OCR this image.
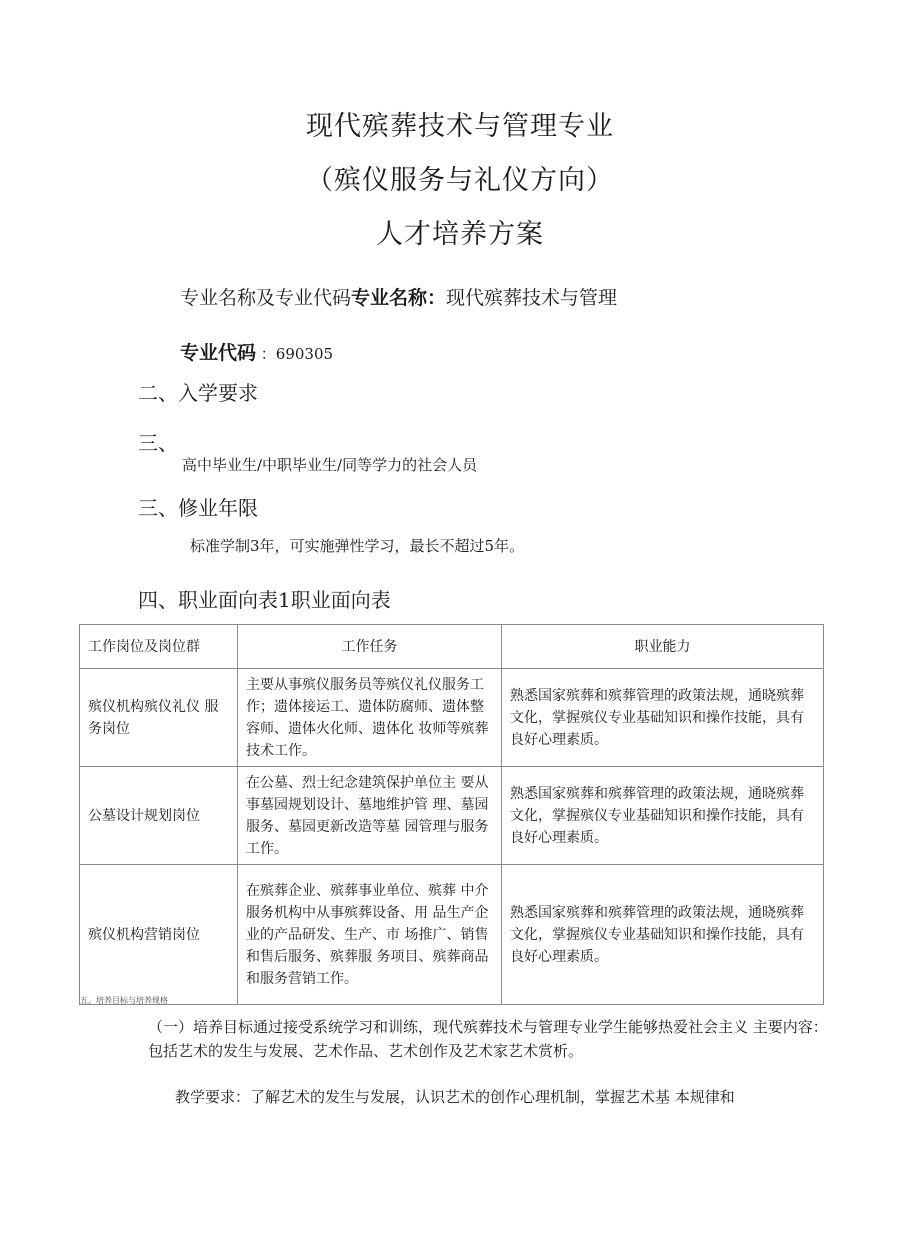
现代殡葬技术与管理专业
（殡仪服务与礼仪方向）
人才培养方案
专业名称及专业代码专业名称：现代殡葬技术与管理
专业代码 ：690305
二、入学要求
三、
高中毕业生/中职毕业生/同等学力的社会人员
三、修业年限
标准学制3年，可实施弹性学习，最长不超过5年。
四、职业面向表1职业面向表
工作岗位及岗位群	工作任务	职业能力
殡仪机构殡仪礼仪 服务岗位	主要从事殡仪服务员等殡仪礼仪服务工作；遗体接运工、遗体防腐师、遗体整容师、遗体火化师、遗体化 妆师等殡葬技术工作。	熟悉国家殡葬和殡葬管理的政策法规，通晓殡葬文化，掌握殡仪专业基础知识和操作技能，具有良好心理素质。
公墓设计规划岗位	在公墓、烈士纪念建筑保护单位主 要从事墓园规划设计、墓地维护管 理、墓园服务、墓园更新改造等墓 园管理与服务工作。	熟悉国家殡葬和殡葬管理的政策法规，通晓殡葬文化，掌握殡仪专业基础知识和操作技能，具有良好心理素质。
殡仪机构营销岗位	在殡葬企业、殡葬事业单位、殡葬 中介服务机构中从事殡葬设备、用 品生产企业的产品研发、生产、市 场推广、销售和售后服务、殡葬服 务项目、殡葬商品和服务营销工作。	熟悉国家殡葬和殡葬管理的政策法规，通晓殡葬文化，掌握殡仪专业基础知识和操作技能，具有良好心理素质。
五、培养目标与培养规格
（一）培养目标通过接受系统学习和训练，现代殡葬技术与管理专业学生能够热爱社会主义 主要内容：包括艺术的发生与发展、艺术作品、艺术创作及艺术家艺术赏析。
教学要求：了解艺术的发生与发展，认识艺术的创作心理机制，掌握艺术基 本规律和
